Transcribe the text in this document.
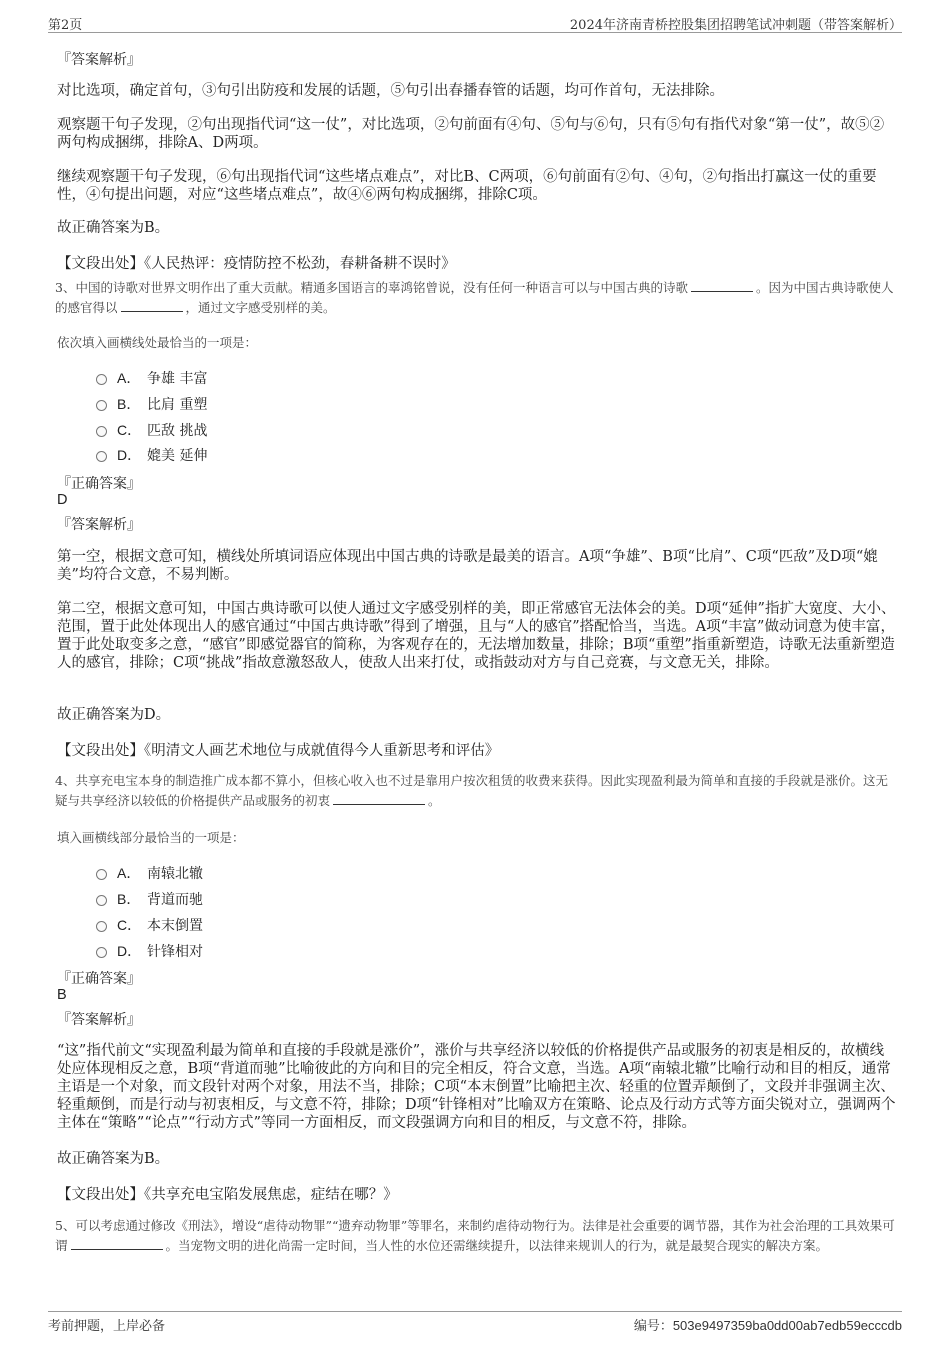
第2页	2024年济南青桥控股集团招聘笔试冲刺题（带答案解析）
『答案解析』

对比选项，确定首句，③句引出防疫和发展的话题，⑤句引出春播春管的话题，均可作首句，无法排除。

观察题干句子发现，②句出现指代词“这一仗”，对比选项，②句前面有④句、⑤句与⑥句，只有⑤句有指代对象“第一仗”，故⑤②两句构成捆绑，排除A、D两项。

继续观察题干句子发现，⑥句出现指代词“这些堵点难点”，对比B、C两项，⑥句前面有②句、④句，②句指出打赢这一仗的重要性，④句提出问题，对应“这些堵点难点”，故④⑥两句构成捆绑，排除C项。

故正确答案为B。

【文段出处】《人民热评：疫情防控不松劲，春耕备耕不误时》

3、中国的诗歌对世界文明作出了重大贡献。精通多国语言的辜鸿铭曾说，没有任何一种语言可以与中国古典的诗歌	。因为中国古典诗歌使人的感官得以	，通过文字感受别样的美。

依次填入画横线处最恰当的一项是：

A． 争雄 丰富
B． 比肩 重塑
C． 匹敌 挑战
D． 媲美 延伸
『正确答案』
D
『答案解析』

第一空，根据文意可知，横线处所填词语应体现出中国古典的诗歌是最美的语言。A项“争雄”、B项“比肩”、C项“匹敌”及D项“媲美”均符合文意，不易判断。

第二空，根据文意可知，中国古典诗歌可以使人通过文字感受别样的美，即正常感官无法体会的美。D项“延伸”指扩大宽度、大小、范围，置于此处体现出人的感官通过“中国古典诗歌”得到了增强，且与“人的感官”搭配恰当，当选。A项“丰富”做动词意为使丰富，置于此处取变多之意，“感官”即感觉器官的简称，为客观存在的，无法增加数量，排除；B项“重塑”指重新塑造，诗歌无法重新塑造人的感官，排除；C项“挑战”指故意激怒敌人，使敌人出来打仗，或指鼓动对方与自己竞赛，与文意无关，排除。

故正确答案为D。

【文段出处】《明清文人画艺术地位与成就值得今人重新思考和评估》

4、共享充电宝本身的制造推广成本都不算小，但核心收入也不过是靠用户按次租赁的收费来获得。因此实现盈利最为简单和直接的手段就是涨价。这无疑与共享经济以较低的价格提供产品或服务的初衷	。

填入画横线部分最恰当的一项是：

A． 南辕北辙
B． 背道而驰
C． 本末倒置
D． 针锋相对
『正确答案』
B
『答案解析』

“这”指代前文“实现盈利最为简单和直接的手段就是涨价”，涨价与共享经济以较低的价格提供产品或服务的初衷是相反的，故横线处应体现相反之意，B项“背道而驰”比喻彼此的方向和目的完全相反，符合文意，当选。A项“南辕北辙”比喻行动和目的相反，通常主语是一个对象，而文段针对两个对象，用法不当，排除；C项“本末倒置”比喻把主次、轻重的位置弄颠倒了，文段并非强调主次、轻重颠倒，而是行动与初衷相反，与文意不符，排除；D项“针锋相对”比喻双方在策略、论点及行动方式等方面尖锐对立，强调两个主体在“策略”“论点”“行动方式”等同一方面相反，而文段强调方向和目的相反，与文意不符，排除。

故正确答案为B。

【文段出处】《共享充电宝陷发展焦虑，症结在哪？》

5、可以考虑通过修改《刑法》，增设“虐待动物罪”“遗弃动物罪”等罪名，来制约虐待动物行为。法律是社会重要的调节器，其作为社会治理的工具效果可谓	。当宠物文明的进化尚需一定时间，当人性的水位还需继续提升，以法律来规训人的行为，就是最契合现实的解决方案。

考前押题，上岸必备	编号：503e9497359ba0dd00ab7edb59ecccdb
